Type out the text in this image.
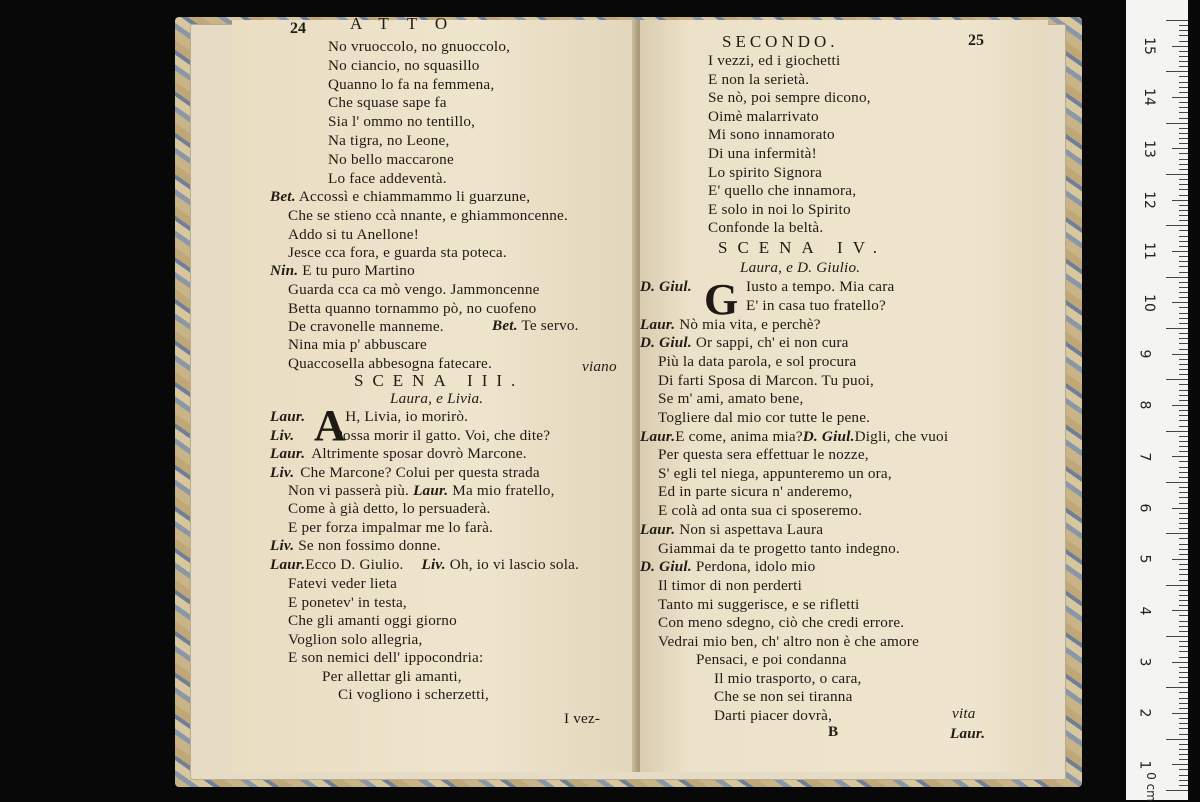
24	ATTO
No vruoccolo, no gnuoccolo,
No ciancio, no squasillo
Quanno lo fa na femmena,
Che squase sape fa
Sia l' ommo no tentillo,
Na tigra, no Leone,
No bello maccarone
Lo face addeventà.
Bet. Accossì e chiammammo li guarzune,
Che se stieno ccà nnante, e ghiammoncenne.
Addo si tu Anellone!
Jesce cca fora, e guarda sta poteca.
Nin. E tu puro Martino
Guarda cca ca mò vengo. Jammoncenne
Betta quanno tornammo pò, no cuofeno
De cravonelle manneme.	Bet. Te servo.
Nina mia p' abbuscare
Quaccosella abbesogna fatecare.	viano
SCENA III.
Laura, e Livia.
A
Laur.	H, Livia, io morirò.
Liv.	Possa morir il gatto. Voi, che dite?
Laur. Altrimente sposar dovrò Marcone.
Liv. Che Marcone? Colui per questa strada
Non vi passerà più. Laur. Ma mio fratello,
Come à già detto, lo persuaderà.
E per forza impalmar me lo farà.
Liv. Se non fossimo donne.
Laur.Ecco D. Giulio. Liv. Oh, io vi lascio sola.
Fatevi veder lieta
E ponetev' in testa,
Che gli amanti oggi giorno
Voglion solo allegria,
E son nemici dell' ippocondria:
Per allettar gli amanti,
Ci vogliono i scherzetti,
I vez-
SECONDO.	25
I vezzi, ed i giochetti
E non la serietà.
Se nò, poi sempre dicono,
Oimè malarrivato
Mi sono innamorato
Di una infermità!
Lo spirito Signora
E' quello che innamora,
E solo in noi lo Spirito
Confonde la beltà.
SCENA IV.
Laura, e D. Giulio.
D. Giul. G Iusto a tempo. Mia cara
E' in casa tuo fratello?
Laur. Nò mia vita, e perchè?
D. Giul. Or sappi, ch' ei non cura
Più la data parola, e sol procura
Di farti Sposa di Marcon. Tu puoi,
Se m' ami, amato bene,
Togliere dal mio cor tutte le pene.
Laur.E come, anima mia?D. Giul.Digli, che vuoi
Per questa sera effettuar le nozze,
S' egli tel niega, appunteremo un ora,
Ed in parte sicura n' anderemo,
E colà ad onta sua ci sposeremo.
Laur. Non si aspettava Laura
Giammai da te progetto tanto indegno.
D. Giul. Perdona, idolo mio
Il timor di non perderti
Tanto mi suggerisce, e se rifletti
Con meno sdegno, ciò che credi errore.
Vedrai mio ben, ch' altro non è che amore
Pensaci, e poi condanna
Il mio trasporto, o cara,
Che se non sei tiranna
Darti piacer dovrà,	vita
B	Laur.
15
14
13
12
11
10
9
8
7
6
5
4
3
2
1
0 cm
